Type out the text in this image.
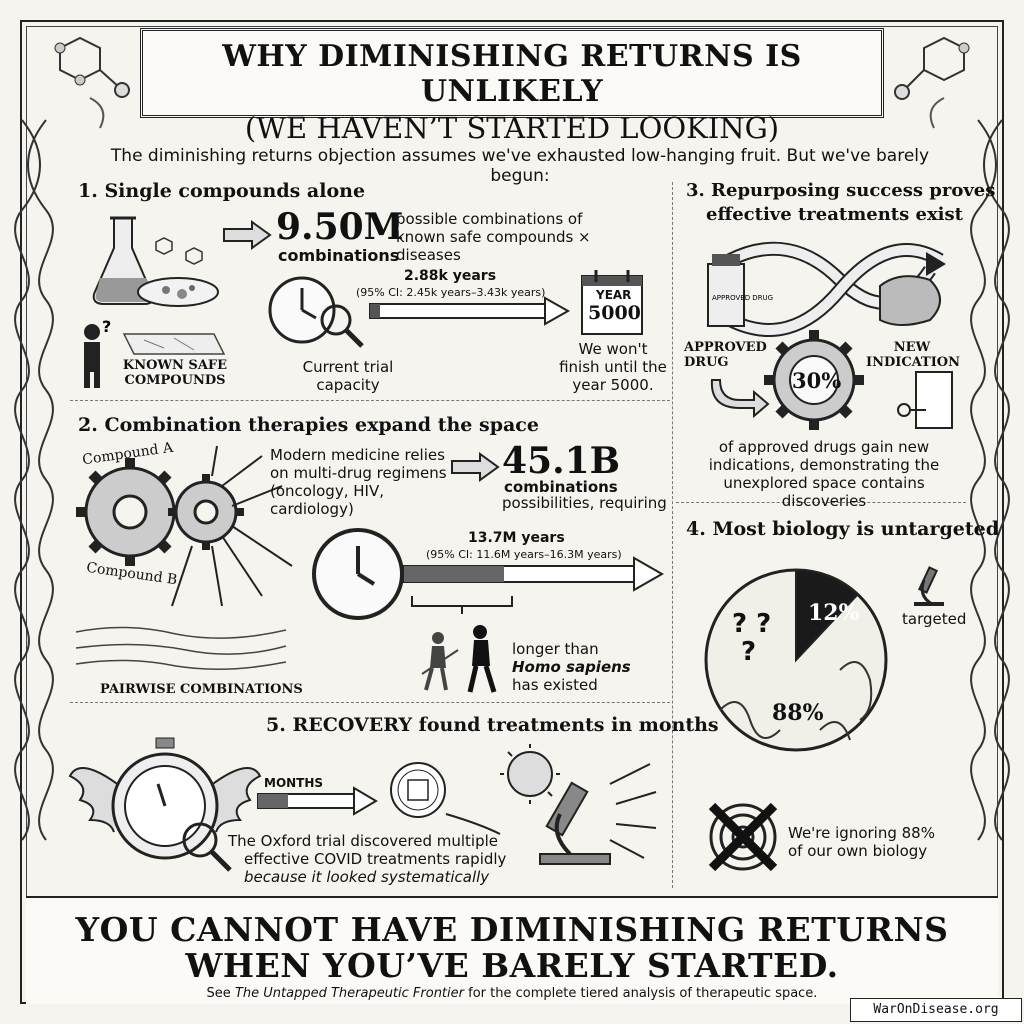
WHY DIMINISHING RETURNS IS UNLIKELY
(WE HAVEN’T STARTED LOOKING)
The diminishing returns objection assumes we've exhausted low-hanging fruit. But we've barely begun:
1. Single compounds alone
9.50M
combinations
possible combinations of known safe compounds × diseases
2.88k years
(95% CI: 2.45k years–3.43k years)	YEAR
5000
Current trial capacity
We won't finish until the year 5000.
?
KNOWN SAFE COMPOUNDS
2. Combination therapies expand the space
Compound A
Compound B
Modern medicine relies on multi-drug regimens (oncology, HIV, cardiology)
45.1B
combinations
possibilities, requiring
13.7M years
(95% CI: 11.6M years–16.3M years)
PAIRWISE COMBINATIONS
longer than
Homo sapiens
has existed
5. RECOVERY found treatments in months
MONTHS
The Oxford trial discovered multiple
effective COVID treatments rapidly
because it looked systematically
3. Repurposing success proves
effective treatments exist
APPROVED DRUG
APPROVED DRUG
NEW INDICATION
30%
of approved drugs gain new indications, demonstrating the unexplored space contains discoveries
4. Most biology is untargeted
12%
88%
? ?
?
targeted
We're ignoring 88% of our own biology
YOU CANNOT HAVE DIMINISHING RETURNS
WHEN YOU’VE BARELY STARTED.
See The Untapped Therapeutic Frontier for the complete tiered analysis of therapeutic space.
WarOnDisease.org
